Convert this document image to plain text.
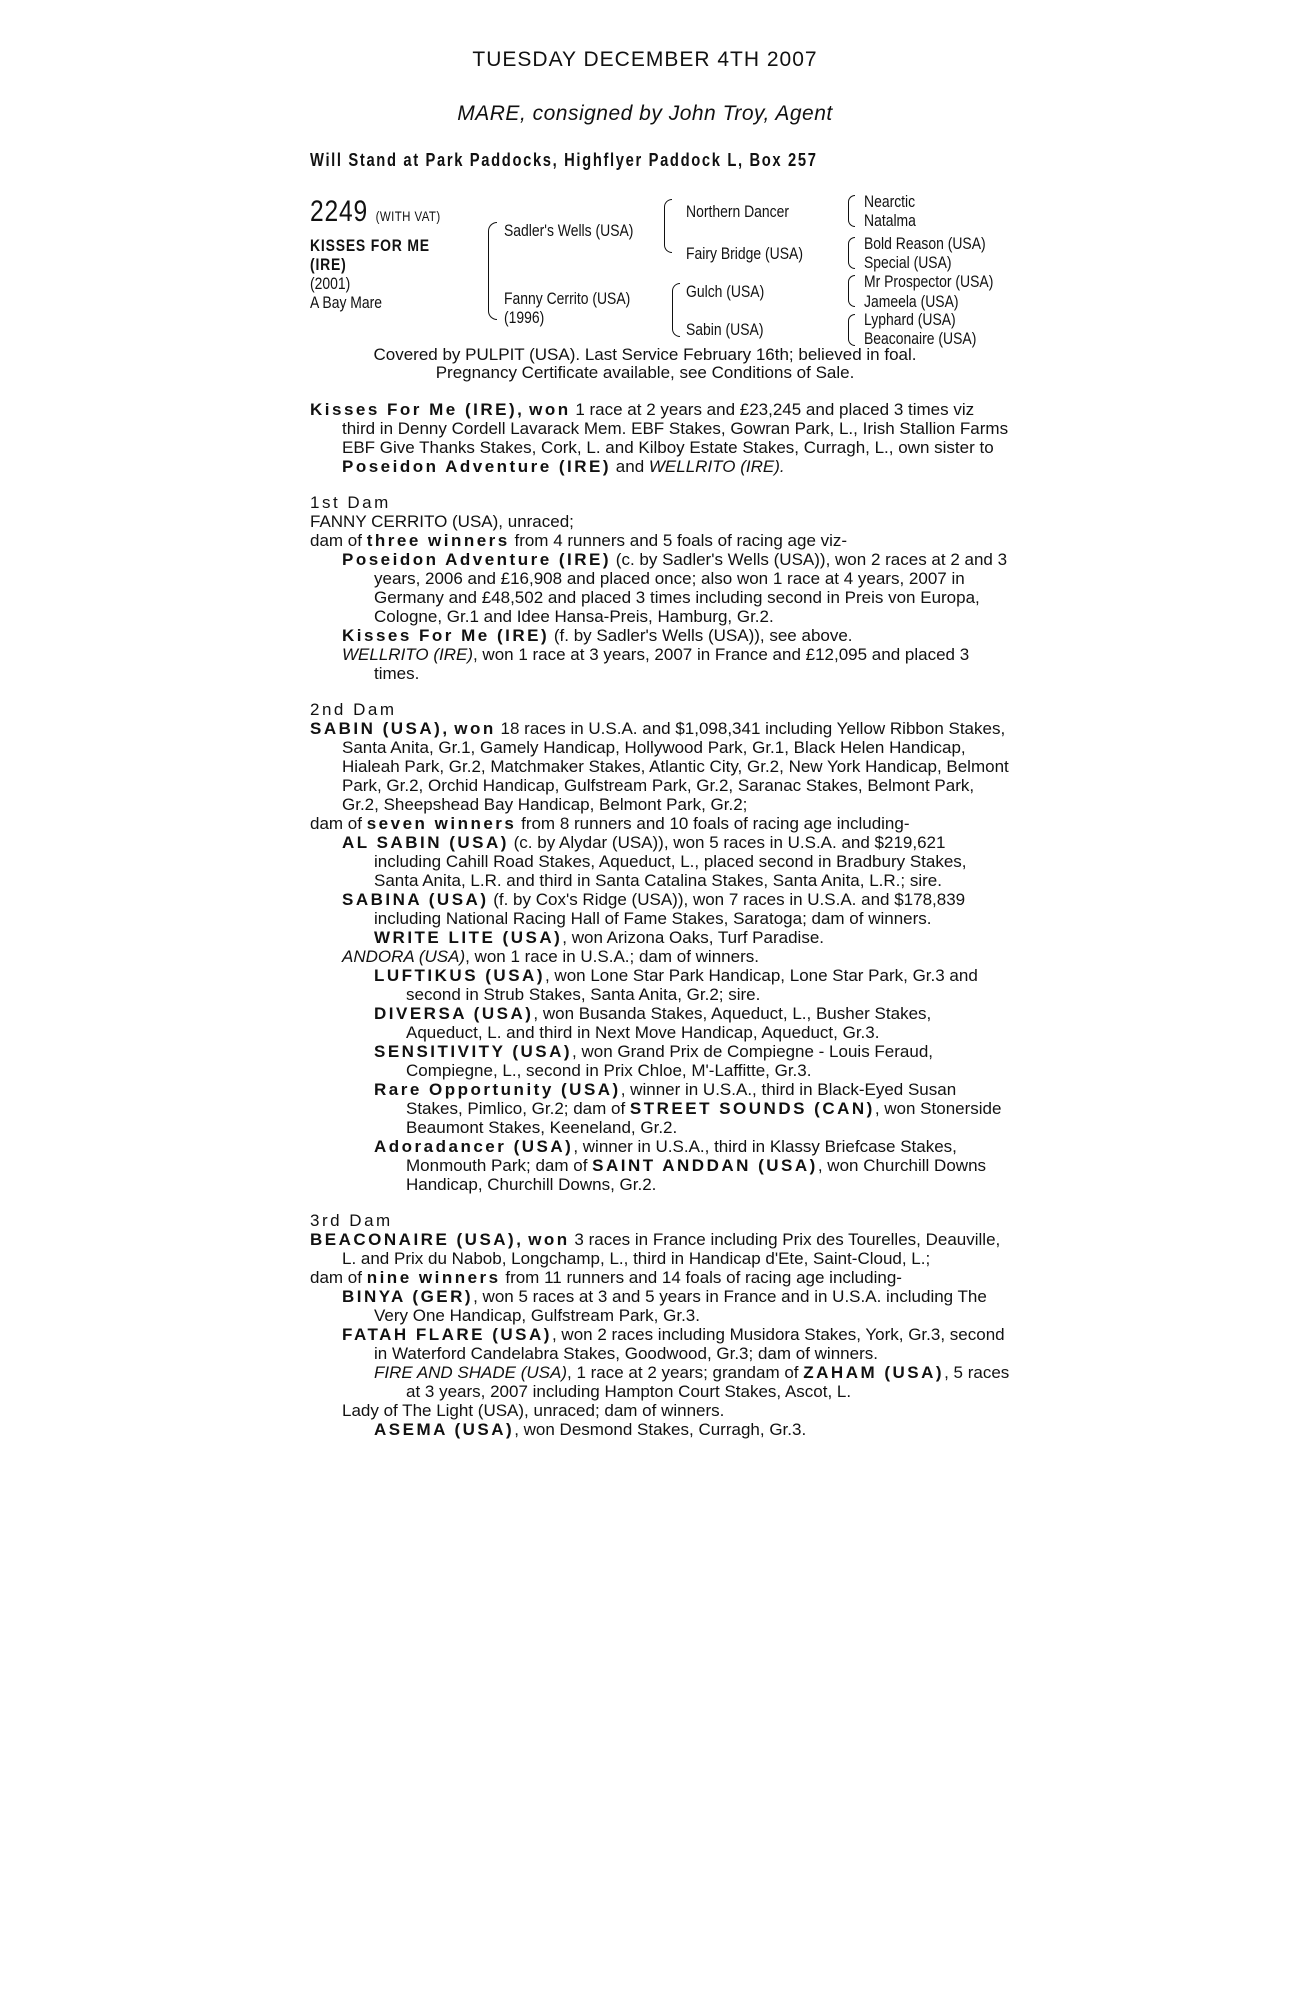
TUESDAY DECEMBER 4TH 2007
MARE, consigned by John Troy, Agent
Will Stand at Park Paddocks, Highflyer Paddock L, Box 257
2249 (WITH VAT)
KISSES FOR ME
(IRE)
(2001)
A Bay Mare
Sadler's Wells (USA)
Fanny Cerrito (USA)
(1996)
Northern Dancer
Fairy Bridge (USA)
Gulch (USA)
Sabin (USA)
Nearctic
Natalma
Bold Reason (USA)
Special (USA)
Mr Prospector (USA)
Jameela (USA)
Lyphard (USA)
Beaconaire (USA)
Covered by PULPIT (USA). Last Service February 16th; believed in foal.
Pregnancy Certificate available, see Conditions of Sale.

Kisses For Me (IRE), won 1 race at 2 years and £23,245 and placed 3 times viz third in Denny Cordell Lavarack Mem. EBF Stakes, Gowran Park, L., Irish Stallion Farms EBF Give Thanks Stakes, Cork, L. and Kilboy Estate Stakes, Curragh, L., own sister to Poseidon Adventure (IRE) and WELLRITO (IRE).

1st Dam

FANNY CERRITO (USA), unraced;

dam of three winners from 4 runners and 5 foals of racing age viz-

Poseidon Adventure (IRE) (c. by Sadler's Wells (USA)), won 2 races at 2 and 3 years, 2006 and £16,908 and placed once; also won 1 race at 4 years, 2007 in Germany and £48,502 and placed 3 times including second in Preis von Europa, Cologne, Gr.1 and Idee Hansa-Preis, Hamburg, Gr.2.

Kisses For Me (IRE) (f. by Sadler's Wells (USA)), see above.

WELLRITO (IRE), won 1 race at 3 years, 2007 in France and £12,095 and placed 3 times.

2nd Dam

SABIN (USA), won 18 races in U.S.A. and $1,098,341 including Yellow Ribbon Stakes, Santa Anita, Gr.1, Gamely Handicap, Hollywood Park, Gr.1, Black Helen Handicap, Hialeah Park, Gr.2, Matchmaker Stakes, Atlantic City, Gr.2, New York Handicap, Belmont Park, Gr.2, Orchid Handicap, Gulfstream Park, Gr.2, Saranac Stakes, Belmont Park, Gr.2, Sheepshead Bay Handicap, Belmont Park, Gr.2;

dam of seven winners from 8 runners and 10 foals of racing age including-

AL SABIN (USA) (c. by Alydar (USA)), won 5 races in U.S.A. and $219,621 including Cahill Road Stakes, Aqueduct, L., placed second in Bradbury Stakes, Santa Anita, L.R. and third in Santa Catalina Stakes, Santa Anita, L.R.; sire.

SABINA (USA) (f. by Cox's Ridge (USA)), won 7 races in U.S.A. and $178,839 including National Racing Hall of Fame Stakes, Saratoga; dam of winners.

WRITE LITE (USA), won Arizona Oaks, Turf Paradise.

ANDORA (USA), won 1 race in U.S.A.; dam of winners.

LUFTIKUS (USA), won Lone Star Park Handicap, Lone Star Park, Gr.3 and second in Strub Stakes, Santa Anita, Gr.2; sire.

DIVERSA (USA), won Busanda Stakes, Aqueduct, L., Busher Stakes, Aqueduct, L. and third in Next Move Handicap, Aqueduct, Gr.3.

SENSITIVITY (USA), won Grand Prix de Compiegne - Louis Feraud, Compiegne, L., second in Prix Chloe, M'-Laffitte, Gr.3.

Rare Opportunity (USA), winner in U.S.A., third in Black-Eyed Susan Stakes, Pimlico, Gr.2; dam of STREET SOUNDS (CAN), won Stonerside Beaumont Stakes, Keeneland, Gr.2.

Adoradancer (USA), winner in U.S.A., third in Klassy Briefcase Stakes, Monmouth Park; dam of SAINT ANDDAN (USA), won Churchill Downs Handicap, Churchill Downs, Gr.2.

3rd Dam

BEACONAIRE (USA), won 3 races in France including Prix des Tourelles, Deauville, L. and Prix du Nabob, Longchamp, L., third in Handicap d'Ete, Saint-Cloud, L.;

dam of nine winners from 11 runners and 14 foals of racing age including-

BINYA (GER), won 5 races at 3 and 5 years in France and in U.S.A. including The Very One Handicap, Gulfstream Park, Gr.3.

FATAH FLARE (USA), won 2 races including Musidora Stakes, York, Gr.3, second in Waterford Candelabra Stakes, Goodwood, Gr.3; dam of winners.

FIRE AND SHADE (USA), 1 race at 2 years; grandam of ZAHAM (USA), 5 races at 3 years, 2007 including Hampton Court Stakes, Ascot, L.

Lady of The Light (USA), unraced; dam of winners.

ASEMA (USA), won Desmond Stakes, Curragh, Gr.3.
